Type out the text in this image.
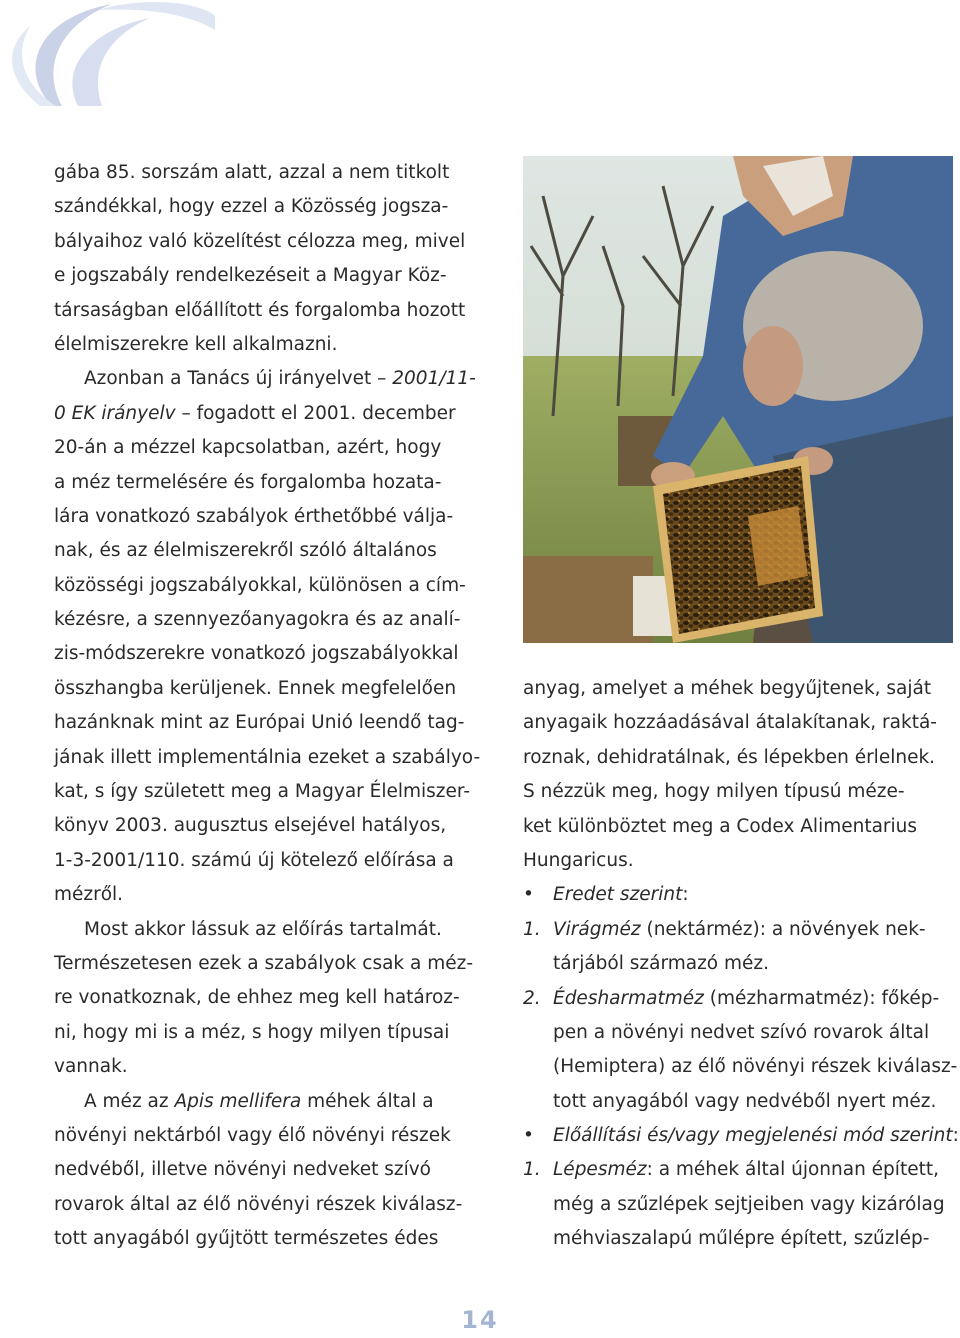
gába 85. sorszám alatt, azzal a nem titkolt
szándékkal, hogy ezzel a Közösség jogsza-
bályaihoz való közelítést célozza meg, mivel
e jogszabály rendelkezéseit a Magyar Köz-
társaságban előállított és forgalomba hozott
élelmiszerekre kell alkalmazni.
Azonban a Tanács új irányelvet – 2001/11-
0 EK irányelv – fogadott el 2001. december
20-án a mézzel kapcsolatban, azért, hogy
a méz termelésére és forgalomba hozata-
lára vonatkozó szabályok érthetőbbé válja-
nak, és az élelmiszerekről szóló általános
közösségi jogszabályokkal, különösen a cím-
kézésre, a szennyezőanyagokra és az analí-
zis-módszerekre vonatkozó jogszabályokkal
összhangba kerüljenek. Ennek megfelelően
hazánknak mint az Európai Unió leendő tag-
jának illett implementálnia ezeket a szabályo-
kat, s így született meg a Magyar Élelmiszer-
könyv 2003. augusztus elsejével hatályos,
1-3-2001/110. számú új kötelező előírása a
mézről.
Most akkor lássuk az előírás tartalmát.
Természetesen ezek a szabályok csak a méz-
re vonatkoznak, de ehhez meg kell határoz-
ni, hogy mi is a méz, s hogy milyen típusai
vannak.
A méz az Apis mellifera méhek által a
növényi nektárból vagy élő növényi részek
nedvéből, illetve növényi nedveket szívó
rovarok által az élő növényi részek kiválasz-
tott anyagából gyűjtött természetes édes
anyag, amelyet a méhek begyűjtenek, saját
anyagaik hozzáadásával átalakítanak, raktá-
roznak, dehidratálnak, és lépekben érlelnek.
S nézzük meg, hogy milyen típusú méze-
ket különböztet meg a Codex Alimentarius
Hungaricus.
• Eredet szerint:
1. Virágméz (nektárméz): a növények nek-
tárjából származó méz.
2. Édesharmatméz (mézharmatméz): főkép-
pen a növényi nedvet szívó rovarok által
(Hemiptera) az élő növényi részek kiválasz-
tott anyagából vagy nedvéből nyert méz.
• Előállítási és/vagy megjelenési mód szerint:
1. Lépesméz: a méhek által újonnan épített,
még a szűzlépek sejtjeiben vagy kizárólag
méhviaszalapú műlépre épített, szűzlép-
14
